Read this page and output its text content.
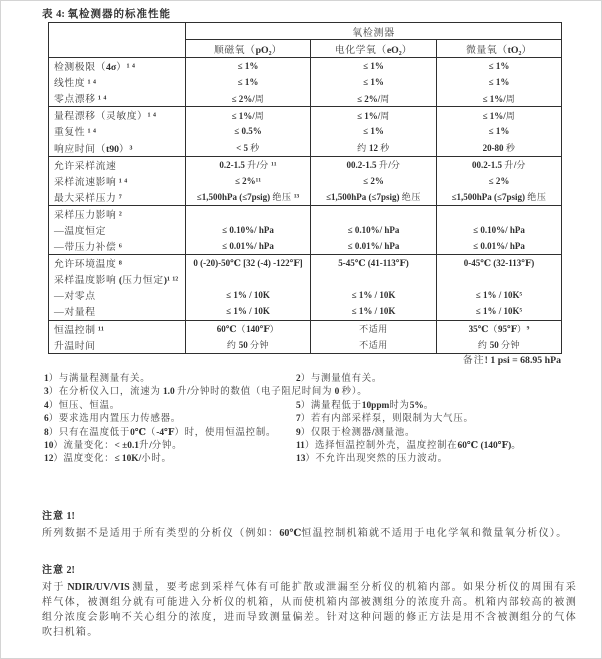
表 4: 氧检测器的标准性能
	氧检测器		
	顺磁氧（pO₂）	电化学氧（eO₂）	微量氧（tO₂）
检测极限（4σ）¹ ⁴	≤ 1%	≤ 1%	≤ 1%
线性度 ¹ ⁴	≤ 1%	≤ 1%	≤ 1%
零点漂移 ¹ ⁴	≤ 2%/周	≤ 2%/周	≤ 1%/周
量程漂移（灵敏度）¹ ⁴	≤ 1%/周	≤ 1%/周	≤ 1%/周
重复性 ¹ ⁴	≤ 0.5%	≤ 1%	≤ 1%
响应时间（t90）³	< 5 秒	约 12 秒	20-80 秒
允许采样流速	0.2-1.5 升/分 ¹¹	00.2-1.5 升/分	00.2-1.5 升/分
采样流速影响 ¹ ⁴	≤ 2%¹¹	≤ 2%	≤ 2%
最大采样压力 ⁷	≤1,500hPa (≤7psig) 绝压 ¹³	≤1,500hPa (≤7psig) 绝压	≤1,500hPa (≤7psig) 绝压
采样压力影响 ²			
—温度恒定	≤ 0.10%/ hPa	≤ 0.10%/ hPa	≤ 0.10%/ hPa
—带压力补偿 ⁶	≤ 0.01%/ hPa	≤ 0.01%/ hPa	≤ 0.01%/ hPa
允许环境温度 ⁸	0 (-20)-50℃ [32 (-4) -122℉]	5-45℃ (41-113℉)	0-45℃ (32-113℉)
采样温度影响 (压力恒定)¹ ¹²			
—对零点	≤ 1% / 10K	≤ 1% / 10K	≤ 1% / 10K⁵
—对量程	≤ 1% / 10K	≤ 1% / 10K	≤ 1% / 10K⁵
恒温控制 ¹¹	60℃（140℉）	不适用	35℃（95℉）⁹
升温时间	约 50 分钟	不适用	约 50 分钟
备注! 1 psi = 68.95 hPa
1）与满量程测量有关。	2）与测量值有关。
3）在分析仪入口，流速为 1.0 升/分钟时的数值（电子阻尼时间为 0 秒）。
4）恒压、恒温。	5）满量程低于10ppm时为5%。
6）要求选用内置压力传感器。	7）若有内部采样泵，则限制为大气压。
8）只有在温度低于0℃（-4℉）时，使用恒温控制。	9）仅限于检测器/测量池。
10）流量变化：< ±0.1升/分钟。	11）选择恒温控制外壳，温度控制在60℃ (140℉)。
12）温度变化：≤ 10K/小时。	13）不允许出现突然的压力波动。
注意 1!
所列数据不是适用于所有类型的分析仪（例如：60℃恒温控制机箱就不适用于电化学氧和微量氧分析仪）。
注意 2!
对于 NDIR/UV/VIS 测量，要考虑到采样气体有可能扩散或泄漏至分析仪的机箱内部。如果分析仪的周围有采样气体，被测组分就有可能进入分析仪的机箱，从而使机箱内部被测组分的浓度升高。机箱内部较高的被测组分浓度会影响不关心组分的浓度，进而导致测量偏差。针对这种问题的修正方法是用不含被测组分的气体吹扫机箱。
